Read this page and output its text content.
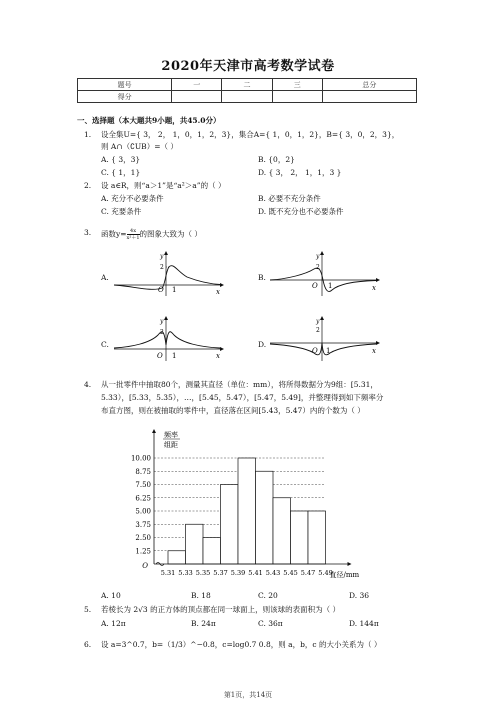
2020年天津市高考数学试卷
题号	一	二	三	总分
得分				
一、选择题（本大题共9小题，共45.0分）
1. 设全集U={ 3， 2， 1，0，1，2，3}，集合A={ 1，0，1，2}，B={ 3，0，2，3}，
则 A∩（∁UB）=（ ）
A. { 3，3}	B. {0，2}
C. { 1，1}	D. { 3， 2， 1，1，3 }
2. 设 a∈R，则“a＞1”是“a²＞a”的（ ）
A. 充分不必要条件	B. 必要不充分条件
C. 充要条件	D. 既不充分也不必要条件
3. 函数$y= \frac{4x}{\text{x²＋1}}$ 的图象大致为（ ）
A.	B.
C.	D.
O 1
2
y
x
O 1
2
y
x
O 1
2
y
x
O 1
2
y
x
4. 从一批零件中抽取80个，测量其直径（单位：mm），将所得数据分为9组：[5.31，
5.33），[5.33，5.35），…，[5.45，5.47），[5.47，5.49]，并整理得到如下频率分
布直方图，则在被抽取的零件中，直径落在区间[5.43，5.47）内的个数为（ ）
1.25
2.50
3.75
5.00
6.25
7.50
8.75
10.00
5.31 5.33 5.35 5.37 5.39 5.41 5.43 5.45 5.47 5.49
O
直径/mm
频率
组距
A. 10	B. 18	C. 20	D. 36
5. 若棱长为 2√3 的正方体的顶点都在同一球面上，则该球的表面积为（ ）
A. 12π	B. 24π	C. 36π	D. 144π
6. 设 a=3^0.7，b=（1/3）^−0.8，c=log0.7 0.8，则 a，b，c 的大小关系为（ ）
第1页，共14页
